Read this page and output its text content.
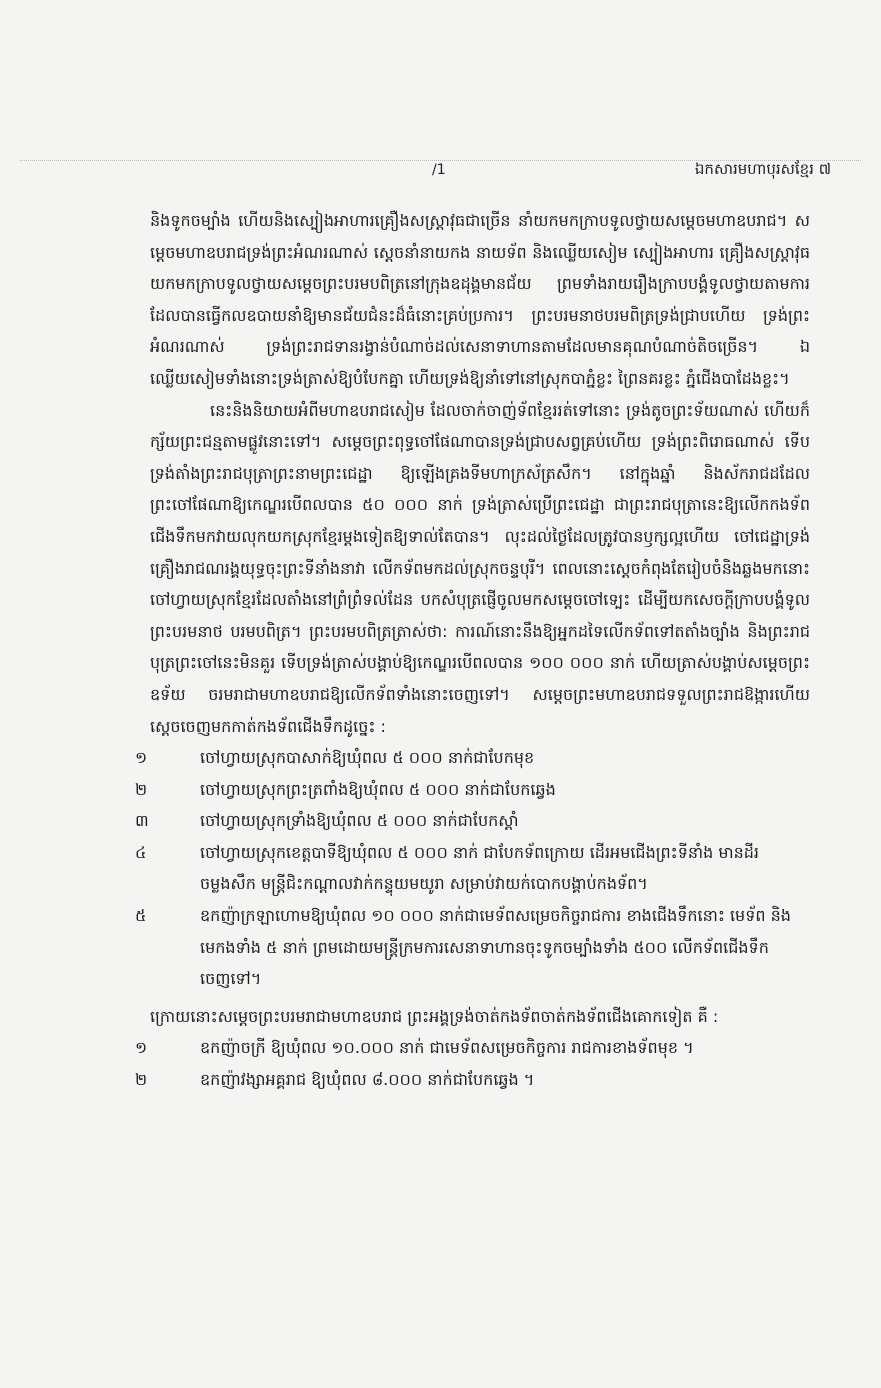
/1	ឯកសារមហាបុរសខ្មែរ ៧

និងទូកចម្បាំង ហើយនិងស្បៀងអាហារគ្រឿងសស្ត្រាវុធជាច្រើន នាំយកមកក្រាបទូលថ្វាយសម្តេចមហាឧបរាជ។ សម្តេចមហាឧបរាជទ្រង់ព្រះអំណរណាស់ ស្តេចនាំនាយកង នាយទ័ព និងឈ្លើយសៀម ស្បៀងអាហារ គ្រឿងសស្ត្រាវុធ យកមកក្រាបទូលថ្វាយសម្តេចព្រះបរមបពិត្រនៅក្រុងឧដុង្គមានជ័យ ព្រមទាំងរាយរឿងក្រាបបង្គំទូលថ្វាយតាមការដែលបានធ្វើកលឧបាយនាំឱ្យមានជ័យជំនះដ៏ធំនោះគ្រប់ប្រការ។ ព្រះបរមនាថបរមពិត្រទ្រង់ជ្រាបហើយ ទ្រង់ព្រះអំណរណាស់ ទ្រង់ព្រះរាជទានរង្វាន់បំណាច់ដល់សេនាទាហានតាមដែលមានគុណបំណាច់តិចច្រើន។ ឯឈ្លើយសៀមទាំងនោះទ្រង់ត្រាស់ឱ្យបំបែកគ្នា ហើយទ្រង់ឱ្យនាំទៅនៅស្រុកបាភ្នំខ្លះ ព្រៃនគរខ្លះ ភ្នំជើងបាដែងខ្លះ។

នេះនិងនិយាយអំពីមហាឧបរាជសៀម ដែលចាក់ចាញ់ទ័ពខ្មែររត់ទៅនោះ ទ្រង់តូចព្រះទ័យណាស់ ហើយក៏ក្ស័យព្រះជន្មតាមផ្លូវនោះទៅ។ សម្តេចព្រះពុទ្ធចៅផែណាបានទ្រង់ជ្រាបសព្វគ្រប់ហើយ ទ្រង់ព្រះពិរោធណាស់ ទើបទ្រង់តាំងព្រះរាជបុត្រាព្រះនាមព្រះជេដ្ឋា ឱ្យឡើងគ្រងទីមហាក្រស័ត្រសឹក។ នៅក្នុងឆ្នាំ និងស័ករាជដដែល ព្រះចៅផែណាឱ្យកេណ្ឌរបើពលបាន ៥០ ០០០ នាក់ ទ្រង់ត្រាស់ប្រើព្រះជេដ្ឋា ជាព្រះរាជបុត្រានេះឱ្យលើកកងទ័ពជើងទឹកមកវាយលុកយកស្រុកខ្មែរម្តងទៀតឱ្យទាល់តែបាន។ លុះដល់ថ្ងៃដែលត្រូវបានឫក្សល្អហើយ ចៅជេដ្ឋាទ្រង់គ្រឿងរាជណរង្គយុទ្ធចុះព្រះទីនាំងនាវា លើកទ័ពមកដល់ស្រុកចន្ទបុរី។ ពេលនោះស្តេចកំពុងតែរៀបចំនិងឆ្លងមកនោះ ចៅហ្វាយស្រុកខ្មែរដែលតាំងនៅព្រំព្រំទល់ដែន បកសំបុត្រផ្ញើចូលមកសម្តេចចៅទ្បេះ ដើម្បីយកសេចក្តីក្រាបបង្គំទូលព្រះបរមនាថ បរមបពិត្រ។ ព្រះបរមបពិត្រត្រាស់ថា: ការណ៍នោះនឹងឱ្យអ្នកដទៃលើកទ័ពទៅតតាំងច្បាំង និងព្រះរាជបុត្រព្រះចៅនេះមិនគួរ ទើបទ្រង់ត្រាស់បង្គាប់ឱ្យកេណ្ឌរបើពលបាន ១០០ ០០០ នាក់ ហើយត្រាស់បង្គាប់សម្តេចព្រះឧទ័យ ចរមរាជាមហាឧបរាជឱ្យលើកទ័ពទាំងនោះចេញទៅ។ សម្តេចព្រះមហាឧបរាជទទួលព្រះរាជឱង្ការហើយ ស្តេចចេញមកកាត់កងទ័ពជើងទឹកដូច្នេះ :

១	ចៅហ្វាយស្រុកបាសាក់ឱ្យឃុំពល ៥ ០០០ នាក់ជាបែកមុខ
២	ចៅហ្វាយស្រុកព្រះត្រពាំងឱ្យឃុំពល ៥ ០០០ នាក់ជាបែកឆ្វេង
៣	ចៅហ្វាយស្រុកទ្រាំងឱ្យឃុំពល ៥ ០០០ នាក់ជាបែកស្តាំ
៤	ចៅហ្វាយស្រុកខេត្តបាទីឱ្យឃុំពល ៥ ០០០ នាក់ ជាបែកទ័ពក្រោយ ដើរអមជើងព្រះទីនាំង មានដីរចម្លងសឹក មន្ត្រីជិះកណ្តាលវាក់កន្ទុយមយូរា សម្រាប់វាយក់បោកបង្គាប់កងទ័ព។
៥	ឧកញ៉ាក្រឡាហោមឱ្យឃុំពល ១០ ០០០ នាក់ជាមេទ័ពសម្រេចកិច្ចរាជការ ខាងជើងទឹកនោះ មេទ័ព និងមេកងទាំង ៥ នាក់ ព្រមដោយមន្ត្រីក្រមការសេនាទាហានចុះទូកចម្បាំងទាំង ៥០០ លើកទ័ពជើងទឹកចេញទៅ។

ក្រោយនោះសម្តេចព្រះបរមរាជាមហាឧបរាជ ព្រះអង្គទ្រង់ចាត់កងទ័ពចាត់កងទ័ពជើងគោកទៀត គឺ :

១	ឧកញ៉ាចក្រី ឱ្យឃុំពល ១០.០០០ នាក់ ជាមេទ័ពសម្រេចកិច្ចការ រាជការខាងទ័ពមុខ ។
២	ឧកញ៉ាវង្សាអគ្គរាជ ឱ្យឃុំពល ៨.០០០ នាក់ជាបែកឆ្វេង ។
